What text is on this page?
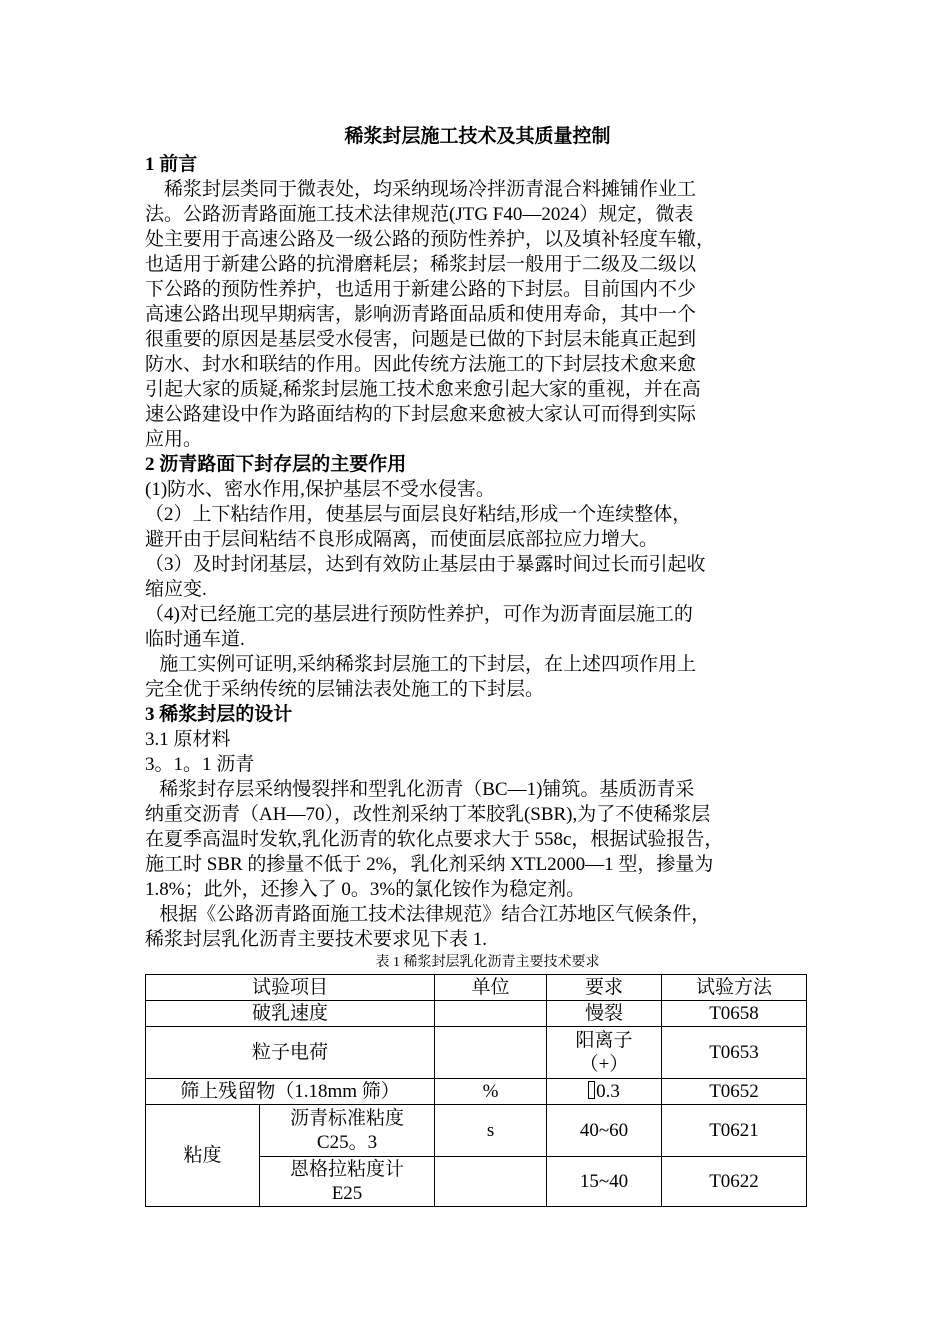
稀浆封层施工技术及其质量控制

1 前言

稀浆封层类同于微表处，均采纳现场冷拌沥青混合料摊铺作业工
法。公路沥青路面施工技术法律规范(JTG F40—2024）规定，微表
处主要用于高速公路及一级公路的预防性养护，以及填补轻度车辙，
也适用于新建公路的抗滑磨耗层；稀浆封层一般用于二级及二级以
下公路的预防性养护，也适用于新建公路的下封层。目前国内不少
高速公路出现早期病害，影响沥青路面品质和使用寿命，其中一个
很重要的原因是基层受水侵害，问题是已做的下封层未能真正起到
防水、封水和联结的作用。因此传统方法施工的下封层技术愈来愈
引起大家的质疑,稀浆封层施工技术愈来愈引起大家的重视，并在高
速公路建设中作为路面结构的下封层愈来愈被大家认可而得到实际
应用。

2 沥青路面下封存层的主要作用

(1)防水、密水作用,保护基层不受水侵害。
（2）上下粘结作用，使基层与面层良好粘结,形成一个连续整体，
避开由于层间粘结不良形成隔离，而使面层底部拉应力增大。
（3）及时封闭基层，达到有效防止基层由于暴露时间过长而引起收
缩应变.
（4)对已经施工完的基层进行预防性养护，可作为沥青面层施工的
临时通车道.
施工实例可证明,采纳稀浆封层施工的下封层，在上述四项作用上
完全优于采纳传统的层铺法表处施工的下封层。

3 稀浆封层的设计

3.1 原材料

3。1。1 沥青

稀浆封存层采纳慢裂拌和型乳化沥青（BC—1)铺筑。基质沥青采
纳重交沥青（AH—70），改性剂采纳丁苯胶乳(SBR),为了不使稀浆层
在夏季高温时发软,乳化沥青的软化点要求大于 558c，根据试验报告，
施工时 SBR 的掺量不低于 2%，乳化剂采纳 XTL2000—1 型，掺量为
1.8%；此外，还掺入了 0。3%的氯化铵作为稳定剂。
根据《公路沥青路面施工技术法律规范》结合江苏地区气候条件，
稀浆封层乳化沥青主要技术要求见下表 1.

表 1 稀浆封层乳化沥青主要技术要求

试验项目		单位	要求	试验方法
破乳速度			慢裂	T0658
粒子电荷			阳离子
（+）	T0653
筛上残留物（1.18mm 筛）		%	0.3	T0652
粘度	沥青标准粘度
C25。3	s	40~60	T0621

	恩格拉粘度计
E25		15~40	T0622
